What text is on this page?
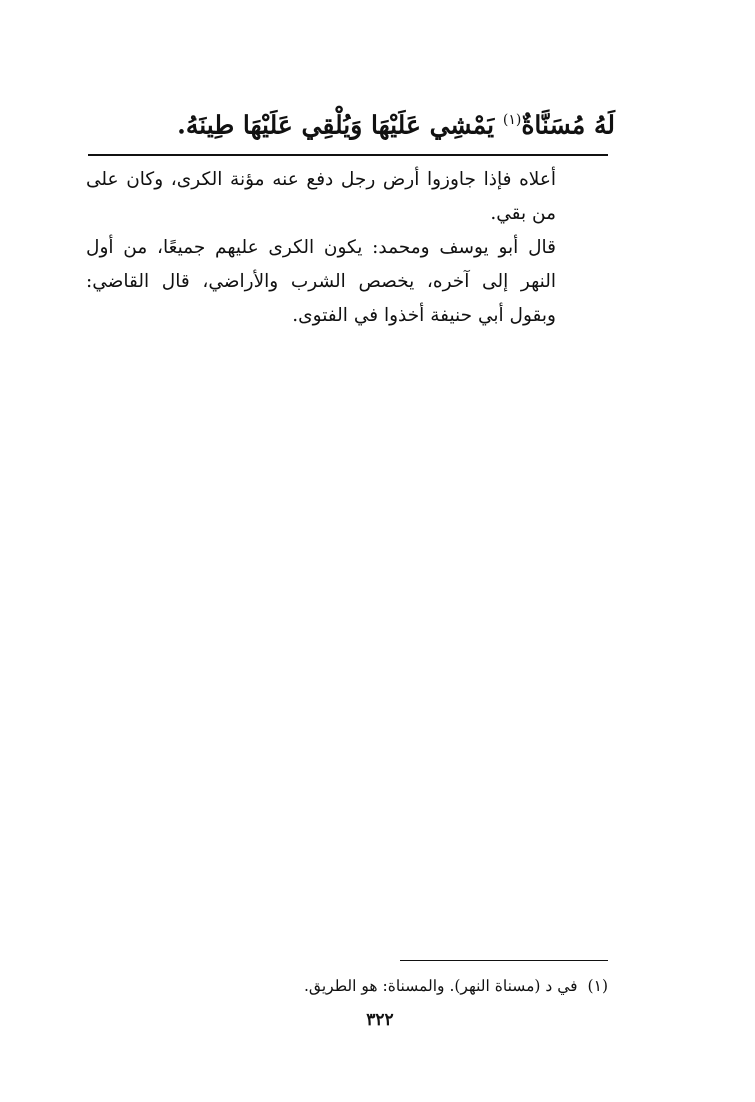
لَهُ مُسَنَّاةٌ$^{(١)}$ يَمْشِي عَلَيْهَا وَيُلْقِي عَلَيْهَا طِينَهُ.

أعلاه فإذا جاوزوا أرض رجل دفع عنه مؤنة الكرى، وكان على من بقي.

قال أبو يوسف ومحمد: يكون الكرى عليهم جميعًا، من أول النهر إلى آخره، يخصص الشرب والأراضي، قال القاضي: وبقول أبي حنيفة أخذوا في الفتوى.

(١)في د (مسناة النهر). والمسناة: هو الطريق.
٣٢٢
